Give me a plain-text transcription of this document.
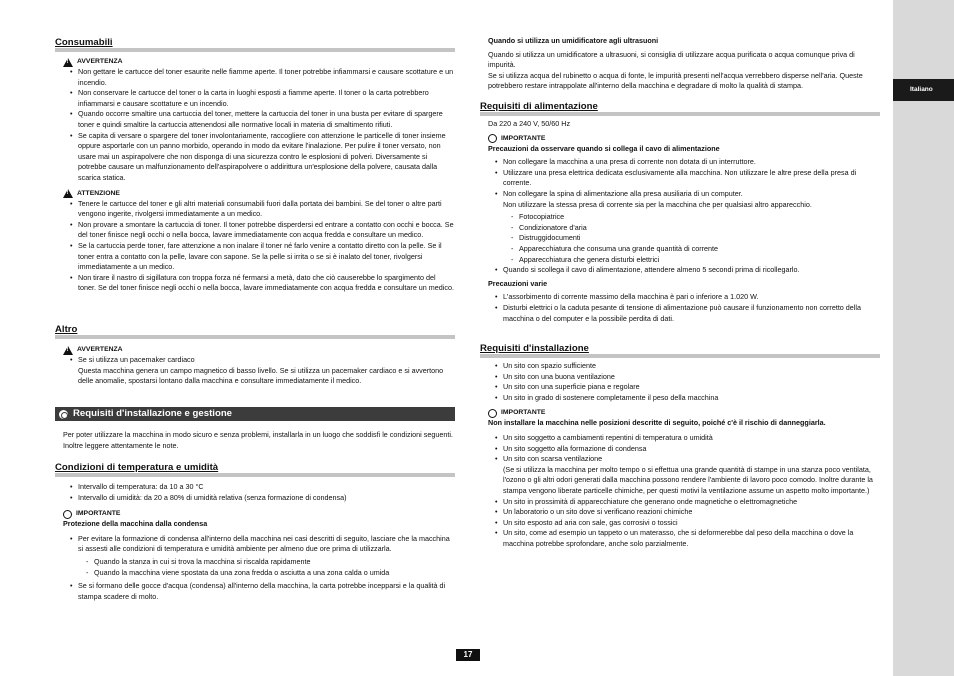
Italiano
Consumabili
!
AVVERTENZA
• Non gettare le cartucce del toner esaurite nelle fiamme aperte. Il toner potrebbe infiammarsi e causare scottature e un incendio.
• Non conservare le cartucce del toner o la carta in luoghi esposti a fiamme aperte. Il toner o la carta potrebbero infiammarsi e causare scottature e un incendio.
• Quando occorre smaltire una cartuccia del toner, mettere la cartuccia del toner in una busta per evitare di spargere toner e quindi smaltire la cartuccia attenendosi alle normative locali in materia di smaltimento rifiuti.
• Se capita di versare o spargere del toner involontariamente, raccogliere con attenzione le particelle di toner insieme oppure asportarle con un panno morbido, operando in modo da evitare l'inalazione. Per pulire il toner versato, non usare mai un aspirapolvere che non disponga di una sicurezza contro le esplosioni di polveri. Diversamente si potrebbe causare un malfunzionamento dell'aspirapolvere o addirittura un'esplosione della polvere, causata dalla scarica statica.
!
ATTENZIONE
• Tenere le cartucce del toner e gli altri materiali consumabili fuori dalla portata dei bambini. Se del toner o altre parti vengono ingerite, rivolgersi immediatamente a un medico.
• Non provare a smontare la cartuccia di toner. Il toner potrebbe disperdersi ed entrare a contatto con occhi e bocca. Se del toner finisce negli occhi o nella bocca, lavare immediatamente con acqua fredda e consultare un medico.
• Se la cartuccia perde toner, fare attenzione a non inalare il toner né farlo venire a contatto diretto con la pelle. Se il toner entra a contatto con la pelle, lavare con sapone. Se la pelle si irrita o se si è inalato del toner, rivolgersi immediatamente a un medico.
• Non tirare il nastro di sigillatura con troppa forza né fermarsi a metà, dato che ciò causerebbe lo spargimento del toner. Se del toner finisce negli occhi o nella bocca, lavare immediatamente con acqua fredda e consultare un medico.
Altro
!
AVVERTENZA
• Se si utilizza un pacemaker cardiaco
Questa macchina genera un campo magnetico di basso livello. Se si utilizza un pacemaker cardiaco e si avvertono delle anomalie, spostarsi lontano dalla macchina e consultare immediatamente il medico.
Requisiti d'installazione e gestione
Per poter utilizzare la macchina in modo sicuro e senza problemi, installarla in un luogo che soddisfi le condizioni seguenti. Inoltre leggere attentamente le note.
Condizioni di temperatura e umidità
• Intervallo di temperatura: da 10 a 30 °C
• Intervallo di umidità: da 20 a 80% di umidità relativa (senza formazione di condensa)
IMPORTANTE
Protezione della macchina dalla condensa
• Per evitare la formazione di condensa all'interno della macchina nei casi descritti di seguito, lasciare che la macchina si assesti alle condizioni di temperatura e umidità ambiente per almeno due ore prima di utilizzarla.
- Quando la stanza in cui si trova la macchina si riscalda rapidamente
- Quando la macchina viene spostata da una zona fredda o asciutta a una zona calda o umida
• Se si formano delle gocce d'acqua (condensa) all'interno della macchina, la carta potrebbe incepparsi e la qualità di stampa scadere di molto.
Quando si utilizza un umidificatore agli ultrasuoni
Quando si utilizza un umidificatore a ultrasuoni, si consiglia di utilizzare acqua purificata o acqua comunque priva di impurità.
Se si utilizza acqua del rubinetto o acqua di fonte, le impurità presenti nell'acqua verrebbero disperse nell'aria. Queste potrebbero restare intrappolate all'interno della macchina e degradare di molto la qualità di stampa.
Requisiti di alimentazione
Da 220 a 240 V, 50/60 Hz
IMPORTANTE
Precauzioni da osservare quando si collega il cavo di alimentazione
• Non collegare la macchina a una presa di corrente non dotata di un interruttore.
• Utilizzare una presa elettrica dedicata esclusivamente alla macchina. Non utilizzare le altre prese della presa di corrente.
• Non collegare la spina di alimentazione alla presa ausiliaria di un computer.
Non utilizzare la stessa presa di corrente sia per la macchina che per qualsiasi altro apparecchio.
- Fotocopiatrice
- Condizionatore d'aria
- Distruggidocumenti
- Apparecchiatura che consuma una grande quantità di corrente
- Apparecchiatura che genera disturbi elettrici
• Quando si scollega il cavo di alimentazione, attendere almeno 5 secondi prima di ricollegarlo.
Precauzioni varie
• L'assorbimento di corrente massimo della macchina è pari o inferiore a 1.020 W.
• Disturbi elettrici o la caduta pesante di tensione di alimentazione può causare il funzionamento non corretto della macchina o del computer e la possibile perdita di dati.
Requisiti d'installazione
• Un sito con spazio sufficiente
• Un sito con una buona ventilazione
• Un sito con una superficie piana e regolare
• Un sito in grado di sostenere completamente il peso della macchina
IMPORTANTE
Non installare la macchina nelle posizioni descritte di seguito, poiché c'è il rischio di danneggiarla.
• Un sito soggetto a cambiamenti repentini di temperatura o umidità
• Un sito soggetto alla formazione di condensa
• Un sito con scarsa ventilazione
(Se si utilizza la macchina per molto tempo o si effettua una grande quantità di stampe in una stanza poco ventilata, l'ozono o gli altri odori generati dalla macchina possono rendere l'ambiente di lavoro poco comodo. Inoltre durante la stampa vengono liberate particelle chimiche, per questi motivi la ventilazione assume un aspetto molto importante.)
• Un sito in prossimità di apparecchiature che generano onde magnetiche o elettromagnetiche
• Un laboratorio o un sito dove si verificano reazioni chimiche
• Un sito esposto ad aria con sale, gas corrosivi o tossici
• Un sito, come ad esempio un tappeto o un materasso, che si deformerebbe dal peso della macchina o dove la macchina potrebbe sprofondare, anche solo parzialmente.
17
